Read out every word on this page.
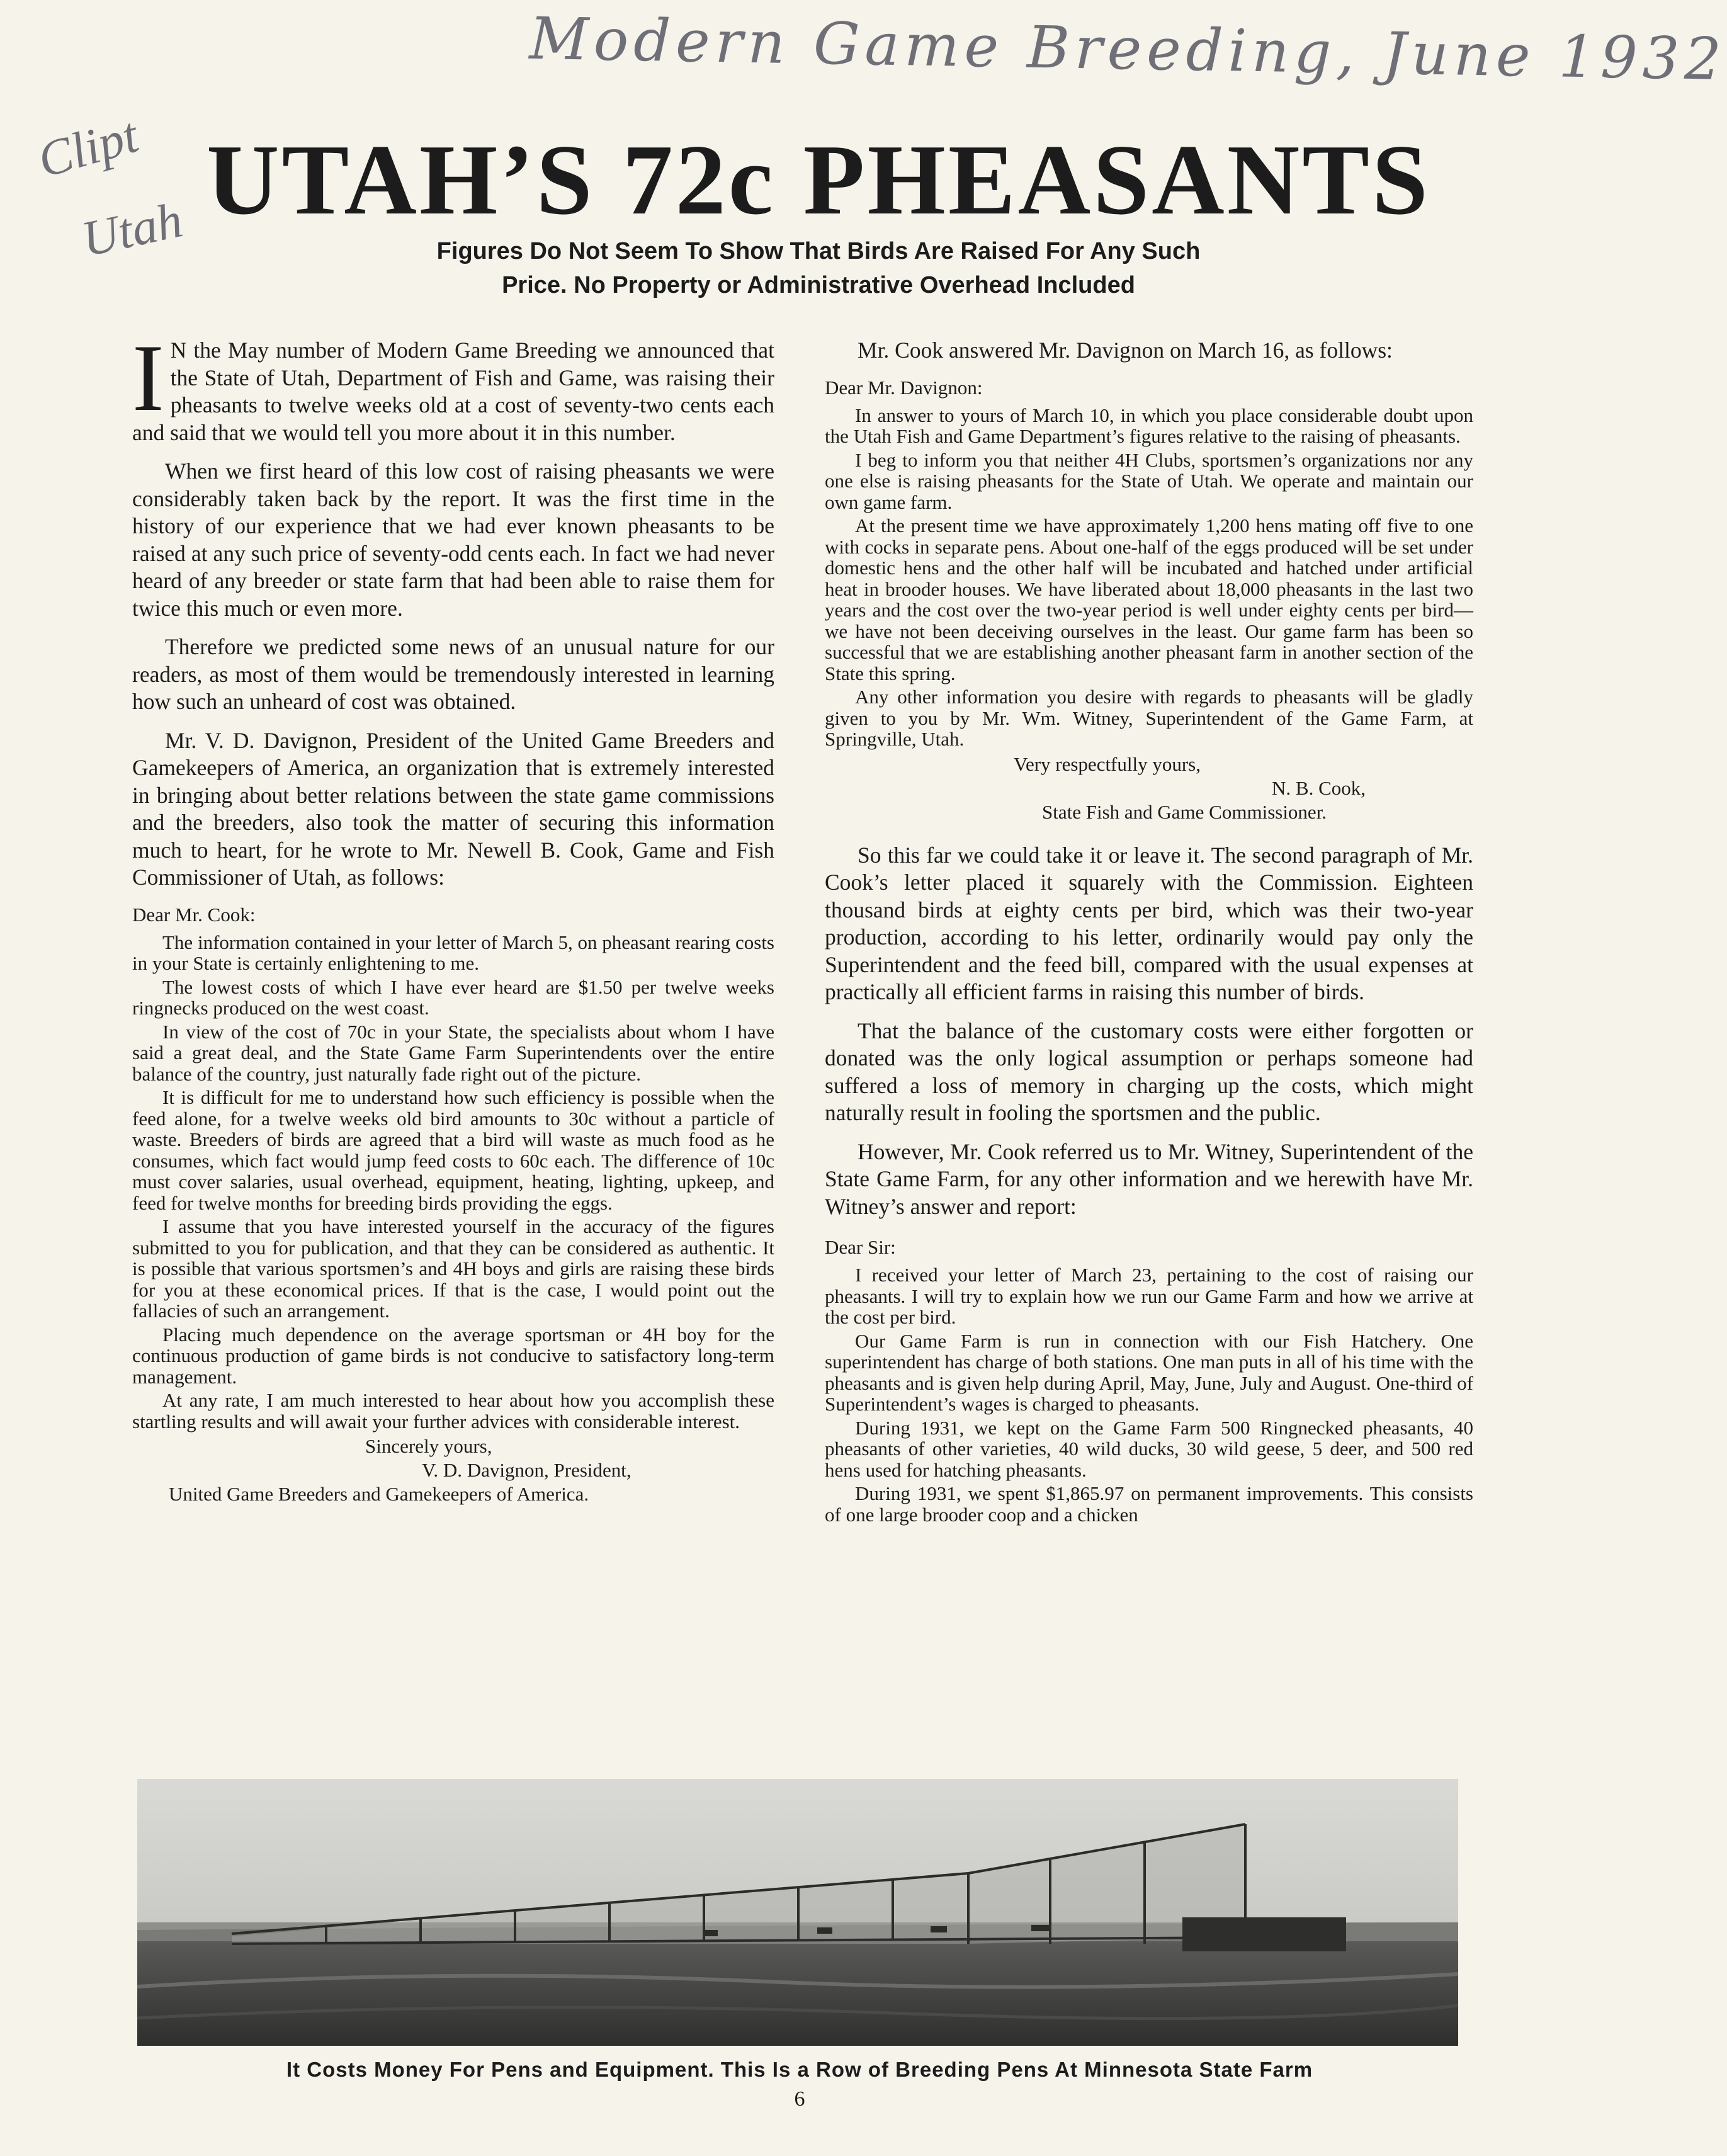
Modern Game Breeding, June 1932
Clipt
Utah UTAH’S 72c PHEASANTS
Figures Do Not Seem To Show That Birds Are Raised For Any Such
Price. No Property or Administrative Overhead Included

I N the May number of Modern Game Breeding we announced that the State of Utah, Department of Fish and Game, was raising their pheasants to twelve weeks old at a cost of seventy-two cents each and said that we would tell you more about it in this number.

When we first heard of this low cost of raising pheasants we were considerably taken back by the report. It was the first time in the history of our experience that we had ever known pheasants to be raised at any such price of seventy-odd cents each. In fact we had never heard of any breeder or state farm that had been able to raise them for twice this much or even more.

Therefore we predicted some news of an unusual nature for our readers, as most of them would be tremendously interested in learning how such an unheard of cost was obtained.

Mr. V. D. Davignon, President of the United Game Breeders and Gamekeepers of America, an organization that is extremely interested in bringing about better relations between the state game commissions and the breeders, also took the matter of securing this information much to heart, for he wrote to Mr. Newell B. Cook, Game and Fish Commissioner of Utah, as follows:

Dear Mr. Cook:

The information contained in your letter of March 5, on pheasant rearing costs in your State is certainly enlightening to me.

The lowest costs of which I have ever heard are $1.50 per twelve weeks ringnecks produced on the west coast.

In view of the cost of 70c in your State, the specialists about whom I have said a great deal, and the State Game Farm Superintendents over the entire balance of the country, just naturally fade right out of the picture.

It is difficult for me to understand how such efficiency is possible when the feed alone, for a twelve weeks old bird amounts to 30c without a particle of waste. Breeders of birds are agreed that a bird will waste as much food as he consumes, which fact would jump feed costs to 60c each. The difference of 10c must cover salaries, usual overhead, equipment, heating, lighting, upkeep, and feed for twelve months for breeding birds providing the eggs.

I assume that you have interested yourself in the accuracy of the figures submitted to you for publication, and that they can be considered as authentic. It is possible that various sportsmen’s and 4H boys and girls are raising these birds for you at these economical prices. If that is the case, I would point out the fallacies of such an arrangement.

Placing much dependence on the average sportsman or 4H boy for the continuous production of game birds is not conducive to satisfactory long-term management.

At any rate, I am much interested to hear about how you accomplish these startling results and will await your further advices with considerable interest.

Sincerely yours,

V. D. Davignon, President,

United Game Breeders and Gamekeepers of America.

Mr. Cook answered Mr. Davignon on March 16, as follows:

Dear Mr. Davignon:

In answer to yours of March 10, in which you place considerable doubt upon the Utah Fish and Game Department’s figures relative to the raising of pheasants.

I beg to inform you that neither 4H Clubs, sportsmen’s organizations nor any one else is raising pheasants for the State of Utah. We operate and maintain our own game farm.

At the present time we have approximately 1,200 hens mating off five to one with cocks in separate pens. About one-half of the eggs produced will be set under domestic hens and the other half will be incubated and hatched under artificial heat in brooder houses. We have liberated about 18,000 pheasants in the last two years and the cost over the two-year period is well under eighty cents per bird—we have not been deceiving ourselves in the least. Our game farm has been so successful that we are establishing another pheasant farm in another section of the State this spring.

Any other information you desire with regards to pheasants will be gladly given to you by Mr. Wm. Witney, Superintendent of the Game Farm, at Springville, Utah.

Very respectfully yours,

N. B. Cook,

State Fish and Game Commissioner.

So this far we could take it or leave it. The second paragraph of Mr. Cook’s letter placed it squarely with the Commission. Eighteen thousand birds at eighty cents per bird, which was their two-year production, according to his letter, ordinarily would pay only the Superintendent and the feed bill, compared with the usual expenses at practically all efficient farms in raising this number of birds.

That the balance of the customary costs were either forgotten or donated was the only logical assumption or perhaps someone had suffered a loss of memory in charging up the costs, which might naturally result in fooling the sportsmen and the public.

However, Mr. Cook referred us to Mr. Witney, Superintendent of the State Game Farm, for any other information and we herewith have Mr. Witney’s answer and report:

Dear Sir:

I received your letter of March 23, pertaining to the cost of raising our pheasants. I will try to explain how we run our Game Farm and how we arrive at the cost per bird.

Our Game Farm is run in connection with our Fish Hatchery. One superintendent has charge of both stations. One man puts in all of his time with the pheasants and is given help during April, May, June, July and August. One-third of Superintendent’s wages is charged to pheasants.

During 1931, we kept on the Game Farm 500 Ringnecked pheasants, 40 pheasants of other varieties, 40 wild ducks, 30 wild geese, 5 deer, and 500 red hens used for hatching pheasants.

During 1931, we spent $1,865.97 on permanent improvements. This consists of one large brooder coop and a chicken

It Costs Money For Pens and Equipment. This Is a Row of Breeding Pens At Minnesota State Farm
6
